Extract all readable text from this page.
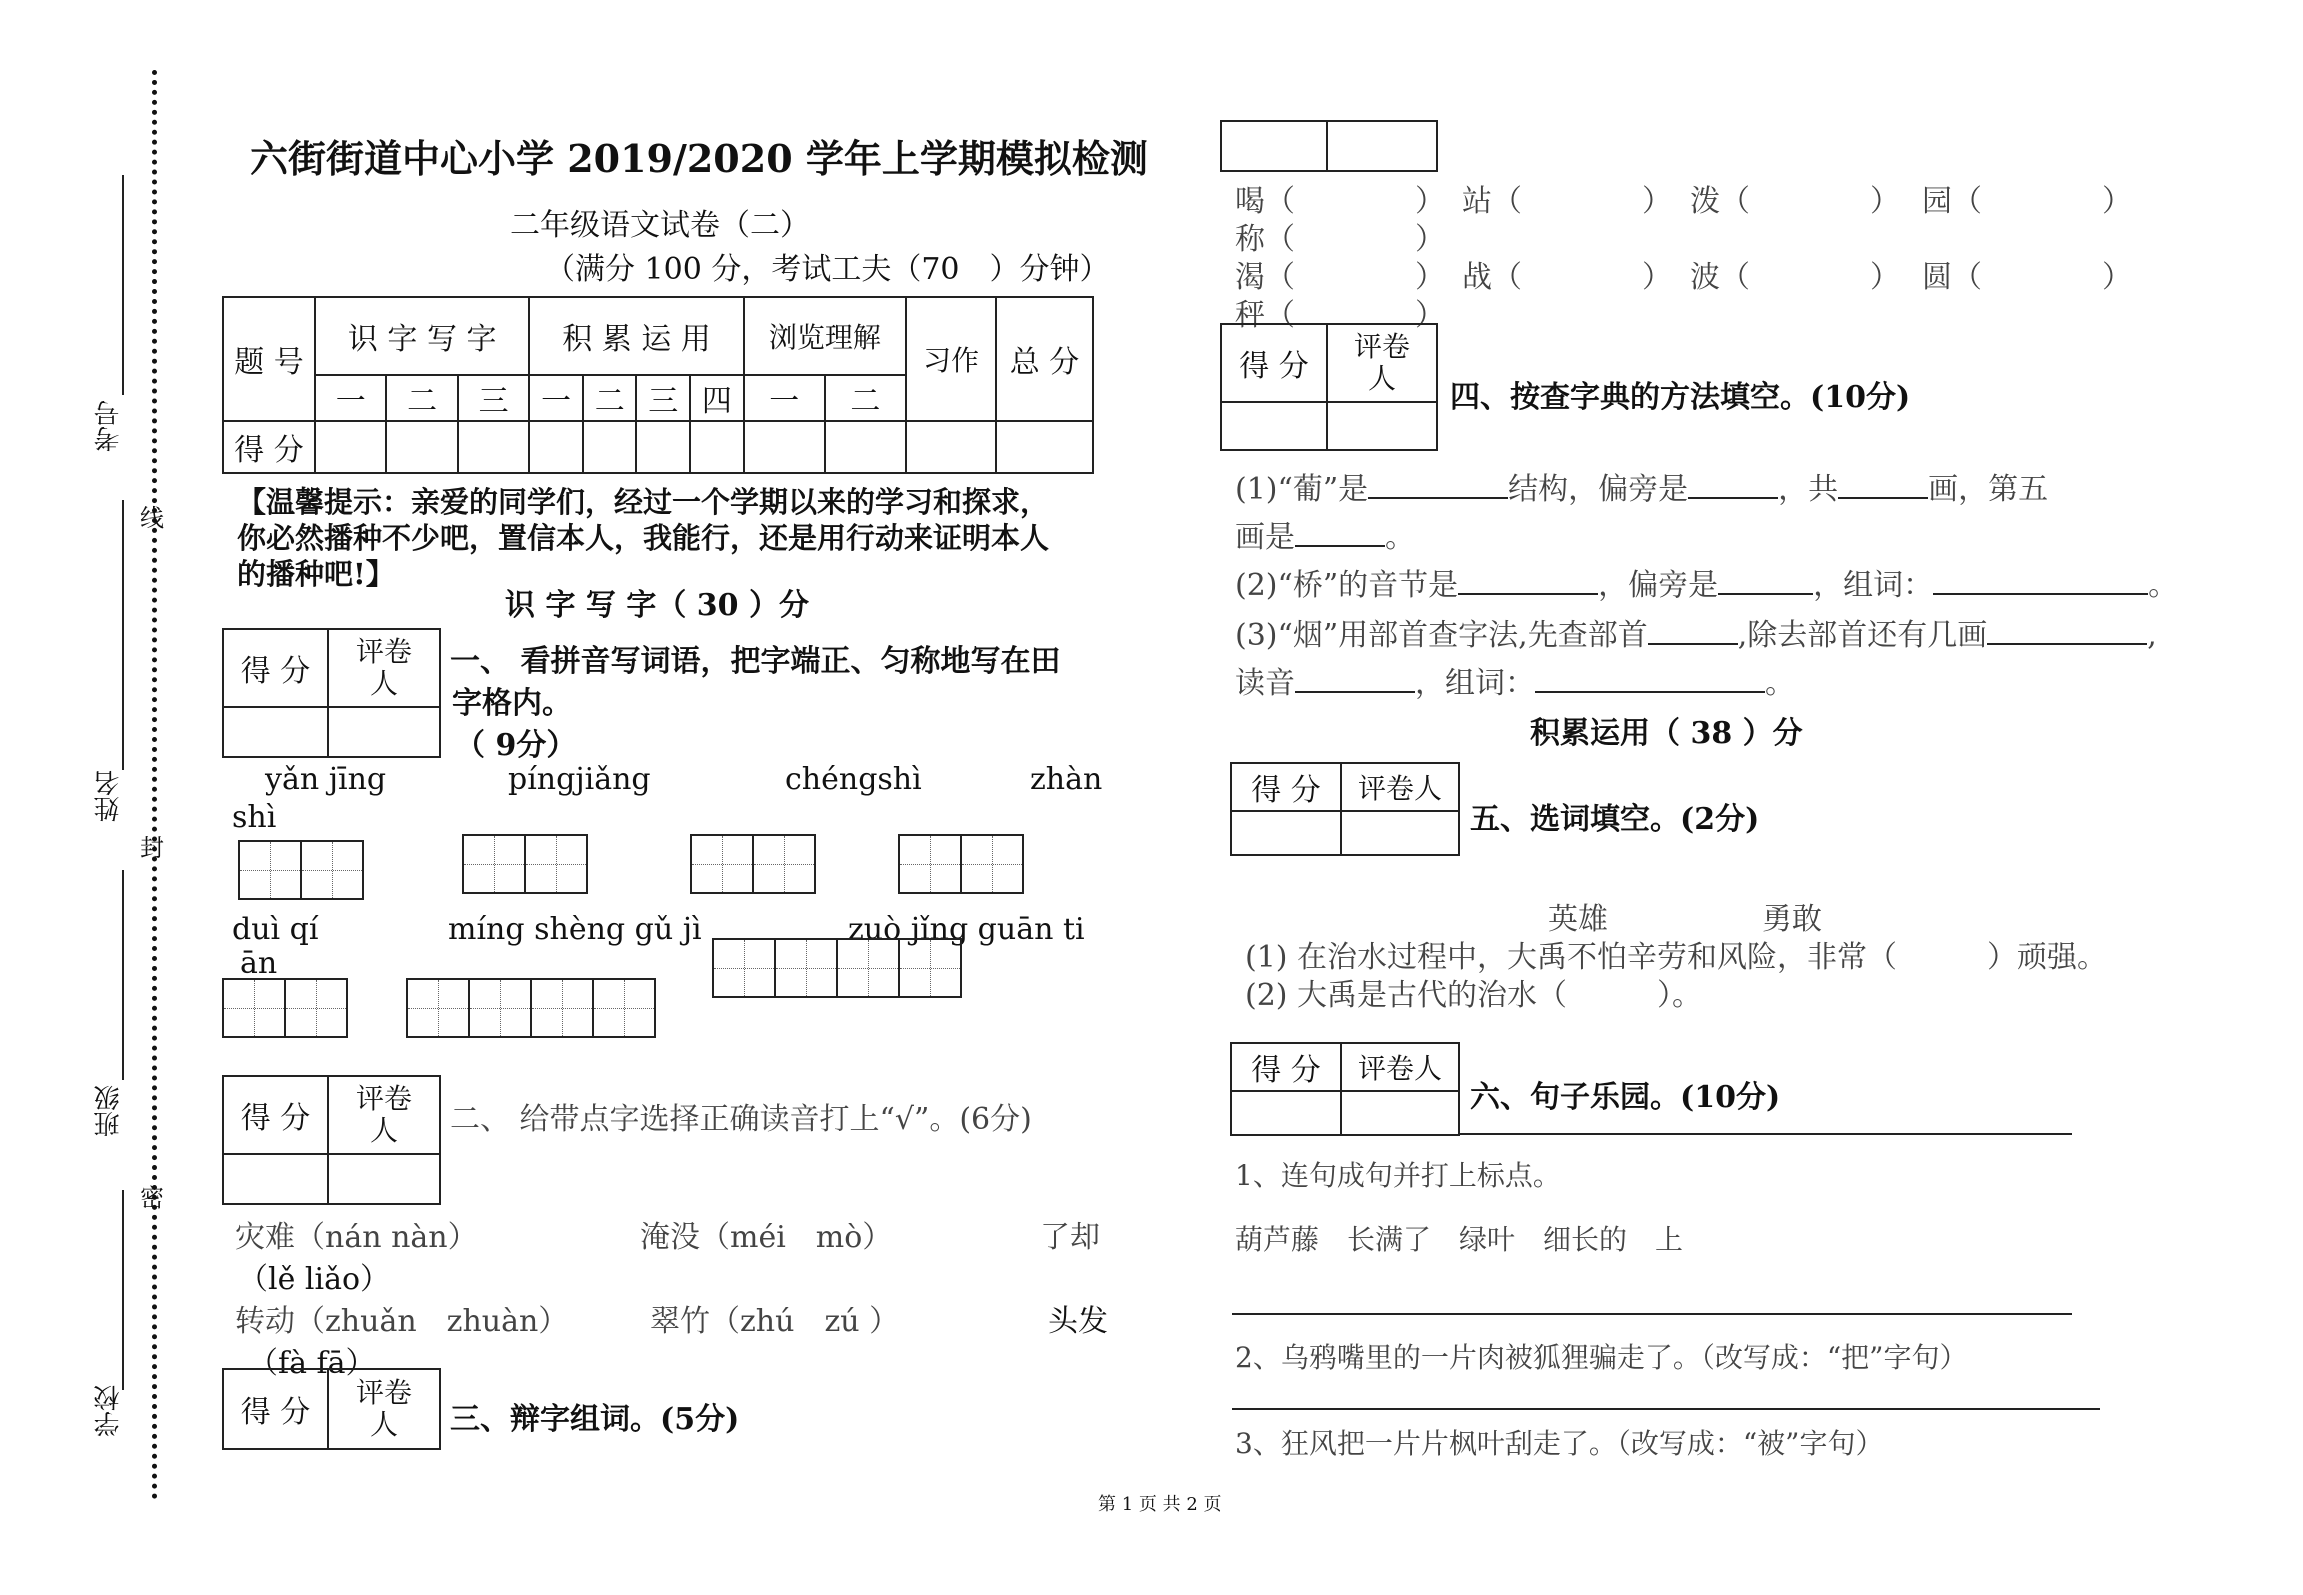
考号
姓名
班级
学校
线
封
密
六街街道中心小学 2019/2020 学年上学期模拟检测
二年级语文试卷（二）
（满分 100 分，考试工夫（70　）分钟）
题 号	识 字 写 字			积 累 运 用				浏览理解		习作	总 分
	一	二	三	一	二	三	四	一	二		
得 分											
【温馨提示：亲爱的同学们，经过一个学期以来的学习和探求，
你必然播种不少吧，置信本人，我能行，还是用行动来证明本人
的播种吧!】
识 字 写 字（ 30 ）分
得 分	评卷
人

一、 看拼音写词语，把字端正、匀称地写在田
字格内。
（ 9分）
yǎn jīng	píngjiǎng	chéngshì	zhàn
shì
duì qí	míng shèng gǔ jì	zuò jǐng guān ti
ān
得 分	评卷
人

		二、 给带点字选择正确读音打上“√”。(6分)
灾难（nán nàn）	淹没（méi　mò）	了却
（lě liǎo）
转动（zhuǎn　zhuàn）	翠竹（zhú　zú ）	头发
（fà fā）
得 分	
评卷
人	三、辩字组词。(5分)

喝（　　　　） 站（　　　　） 泼（　　　　） 园（　　　　）
称（　　　　）
渴（　　　　） 战（　　　　） 波（　　　　） 圆（　　　　）
秤（　　　　）
得 分	评卷
人

四、按查字典的方法填空。(10分)
(1)“葡”是	结构，偏旁是	，共	画，第五
画是	。
(2)“桥”的音节是	，偏旁是	，组词：	。
(3)“烟”用部首查字法,先查部首	,除去部首还有几画	,
读音	，组词：	。
积累运用（ 38 ）分
得 分	评卷人

五、选词填空。(2分)
英雄	勇敢
(1) 在治水过程中，大禹不怕辛劳和风险，非常（　　　）顽强。
(2) 大禹是古代的治水（　　　）。
得 分	评卷人

六、句子乐园。(10分)
1、连句成句并打上标点。
葫芦藤　长满了　绿叶　细长的　上
2、乌鸦嘴里的一片肉被狐狸骗走了。（改写成：“把”字句）
3、狂风把一片片枫叶刮走了。（改写成：“被”字句）
第 1 页 共 2 页
